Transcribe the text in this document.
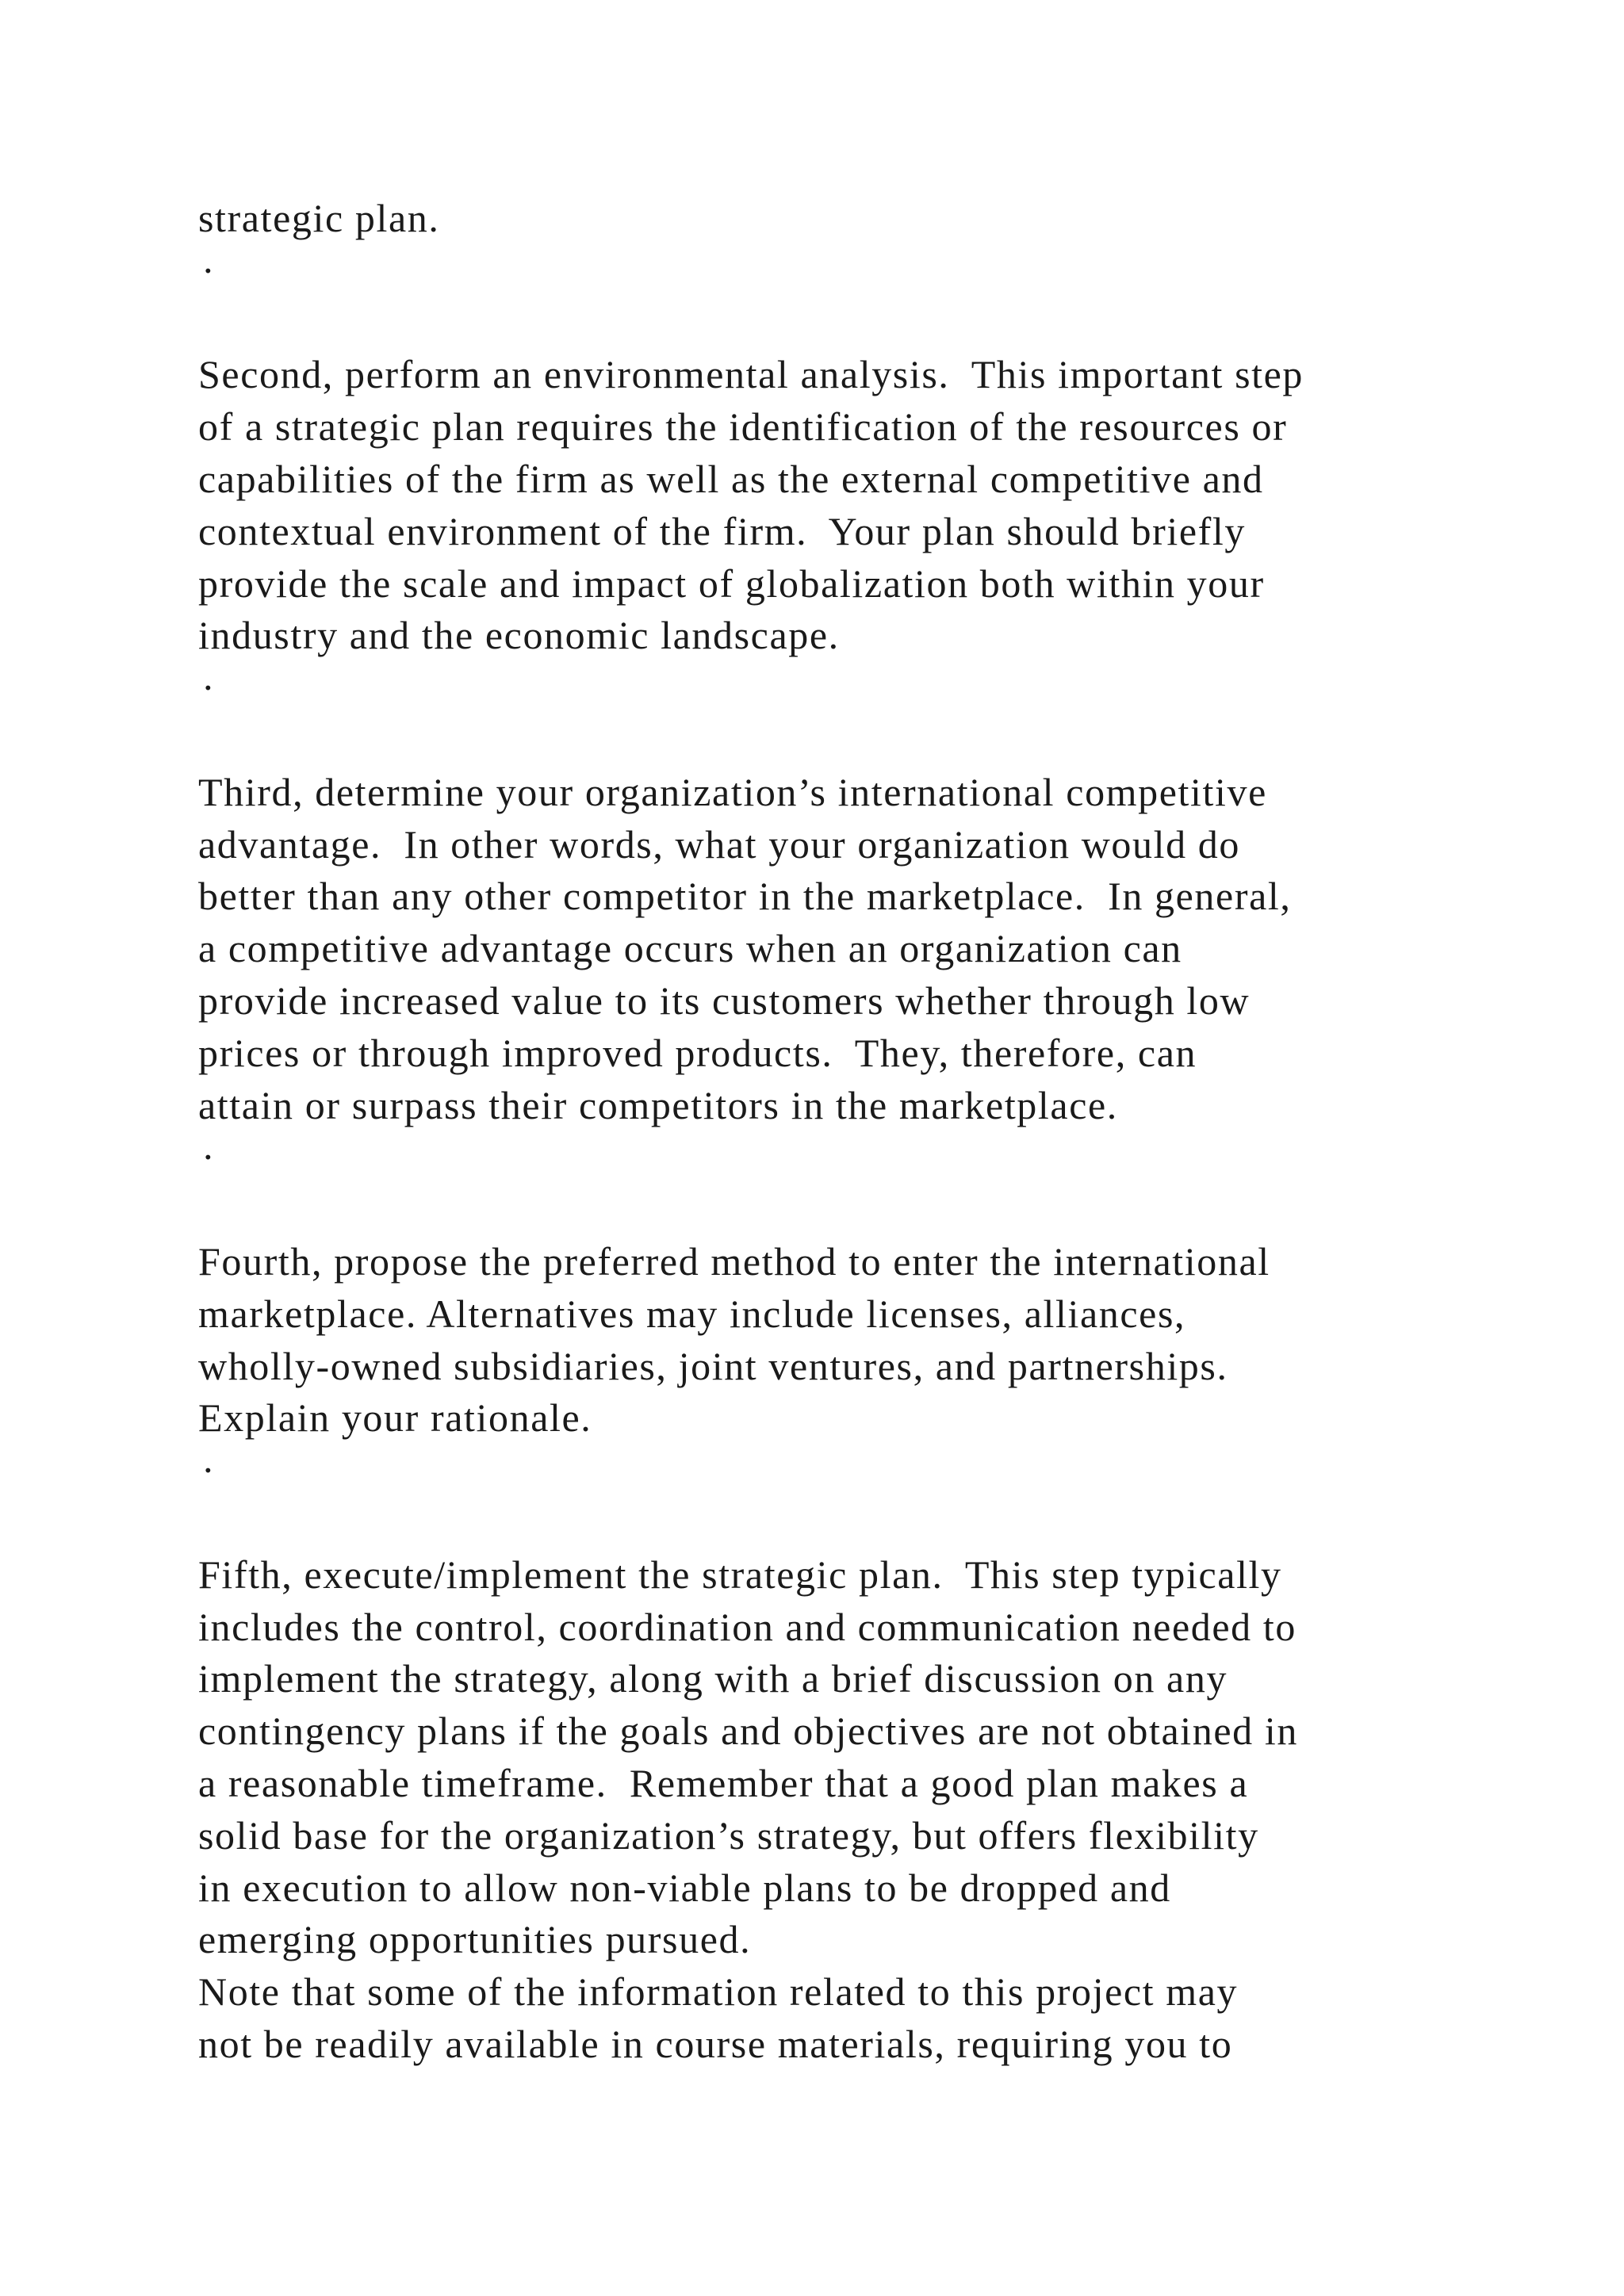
strategic plan.
·
Second, perform an environmental analysis.  This important step
of a strategic plan requires the identification of the resources or
capabilities of the firm as well as the external competitive and
contextual environment of the firm.  Your plan should briefly
provide the scale and impact of globalization both within your
industry and the economic landscape.
·
Third, determine your organization’s international competitive
advantage.  In other words, what your organization would do
better than any other competitor in the marketplace.  In general,
a competitive advantage occurs when an organization can
provide increased value to its customers whether through low
prices or through improved products.  They, therefore, can
attain or surpass their competitors in the marketplace.
·
Fourth, propose the preferred method to enter the international
marketplace. Alternatives may include licenses, alliances,
wholly-owned subsidiaries, joint ventures, and partnerships.
Explain your rationale.
·
Fifth, execute/implement the strategic plan.  This step typically
includes the control, coordination and communication needed to
implement the strategy, along with a brief discussion on any
contingency plans if the goals and objectives are not obtained in
a reasonable timeframe.  Remember that a good plan makes a
solid base for the organization’s strategy, but offers flexibility
in execution to allow non-viable plans to be dropped and
emerging opportunities pursued.
Note that some of the information related to this project may
not be readily available in course materials, requiring you to
